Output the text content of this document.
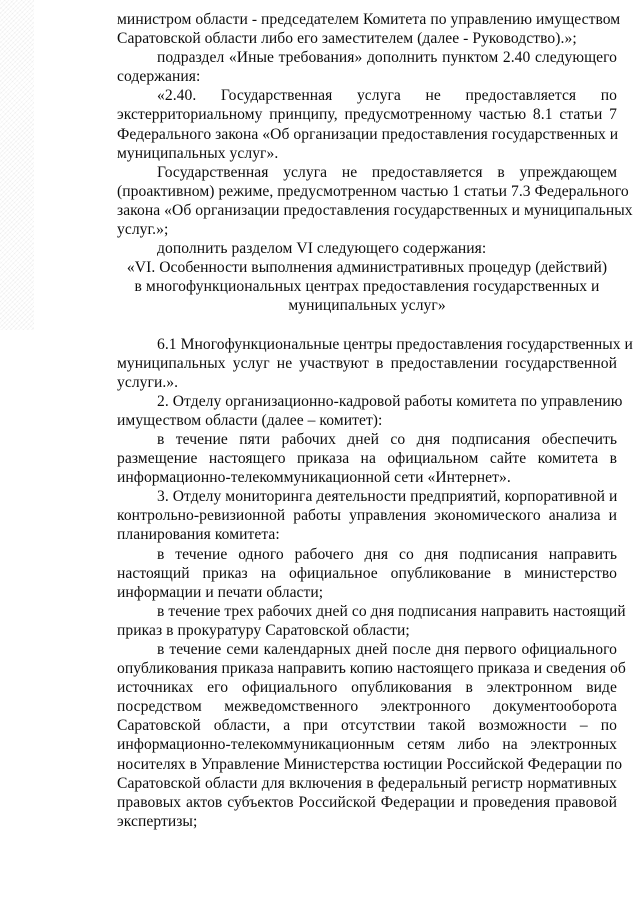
министром области - председателем Комитета по управлению имуществом
Саратовской области либо его заместителем (далее - Руководство).»;
подраздел «Иные требования» дополнить пунктом 2.40 следующего
содержания:
«2.40. Государственная услуга не предоставляется по
экстерриториальному принципу, предусмотренному частью 8.1 статьи 7
Федерального закона «Об организации предоставления государственных и
муниципальных услуг».
Государственная услуга не предоставляется в упреждающем
(проактивном) режиме, предусмотренном частью 1 статьи 7.3 Федерального
закона «Об организации предоставления государственных и муниципальных
услуг.»;
дополнить разделом VI следующего содержания:
«VI. Особенности выполнения административных процедур (действий)
в многофункциональных центрах предоставления государственных и
муниципальных услуг»
6.1 Многофункциональные центры предоставления государственных и
муниципальных услуг не участвуют в предоставлении государственной
услуги.».
2. Отделу организационно-кадровой работы комитета по управлению
имуществом области (далее – комитет):
в течение пяти рабочих дней со дня подписания обеспечить
размещение настоящего приказа на официальном сайте комитета в
информационно-телекоммуникационной сети «Интернет».
3. Отделу мониторинга деятельности предприятий, корпоративной и
контрольно-ревизионной работы управления экономического анализа и
планирования комитета:
в течение одного рабочего дня со дня подписания направить
настоящий приказ на официальное опубликование в министерство
информации и печати области;
в течение трех рабочих дней со дня подписания направить настоящий
приказ в прокуратуру Саратовской области;
в течение семи календарных дней после дня первого официального
опубликования приказа направить копию настоящего приказа и сведения об
источниках его официального опубликования в электронном виде
посредством межведомственного электронного документооборота
Саратовской области, а при отсутствии такой возможности – по
информационно-телекоммуникационным сетям либо на электронных
носителях в Управление Министерства юстиции Российской Федерации по
Саратовской области для включения в федеральный регистр нормативных
правовых актов субъектов Российской Федерации и проведения правовой
экспертизы;
